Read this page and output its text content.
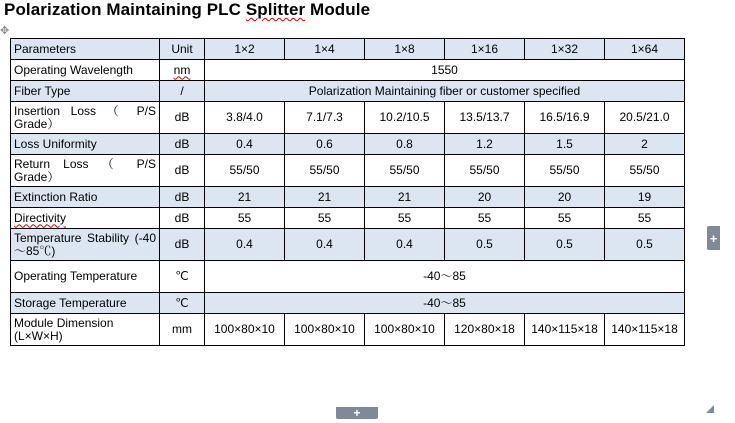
Polarization Maintaining PLC Splitter Module
✥
Parameters	Unit	1×2	1×4	1×8	1×16	1×32	1×64
Operating Wavelength	nm	1550					
Fiber Type	/	Polarization Maintaining fiber or customer specified					
Insertion Loss （ P/S Grade）	dB	3.8/4.0	7.1/7.3	10.2/10.5	13.5/13.7	16.5/16.9	20.5/21.0
Loss Uniformity	dB	0.4	0.6	0.8	1.2	1.5	2
Return Loss （ P/S Grade）	dB	55/50	55/50	55/50	55/50	55/50	55/50
Extinction Ratio	dB	21	21	21	20	20	19
Directivity	dB	55	55	55	55	55	55
Temperature Stability (-40～85℃)	dB	0.4	0.4	0.4	0.5	0.5	0.5
Operating Temperature	℃	-40～85					
Storage Temperature	℃	-40～85					
Module Dimension (L×W×H)	mm	100×80×10	100×80×10	100×80×10	120×80×18	140×115×18	140×115×18
+
+
